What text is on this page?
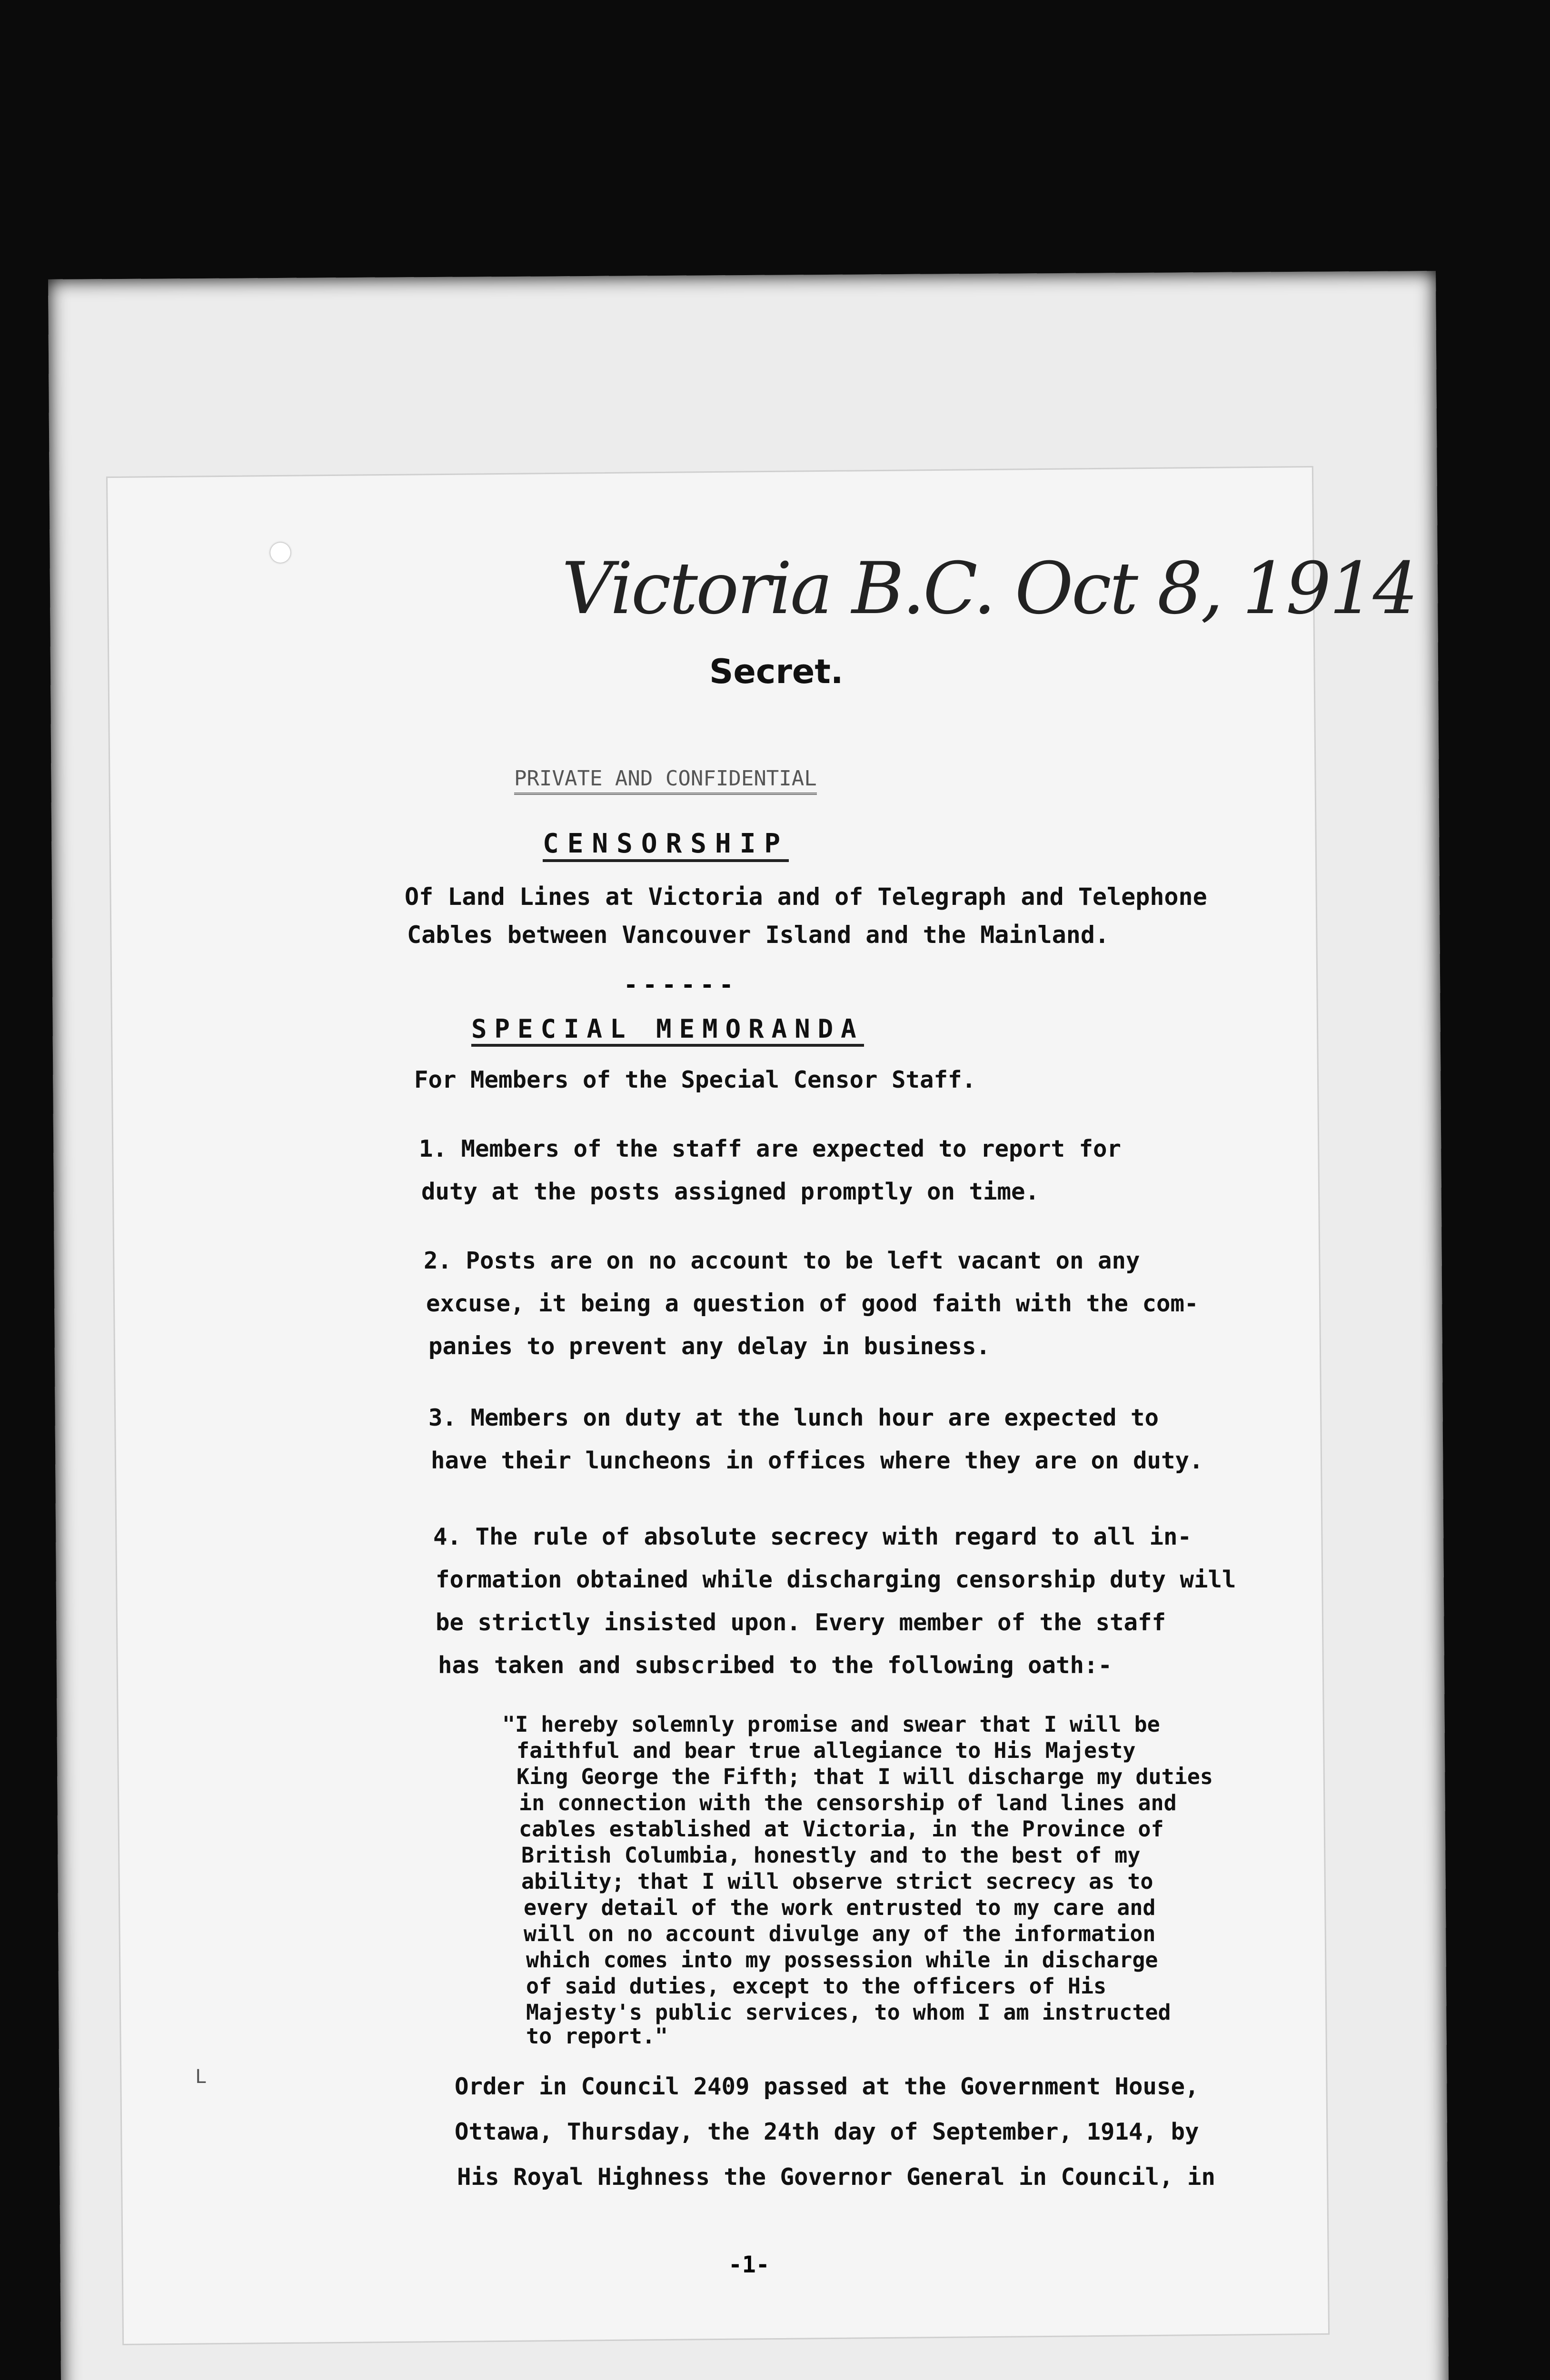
Victoria B.C. Oct 8, 1914
Secret.
PRIVATE AND CONFIDENTIAL
CENSORSHIP
Of Land Lines at Victoria and of Telegraph and Telephone
Cables between Vancouver Island and the Mainland.
------
SPECIAL MEMORANDA
For Members of the Special Censor Staff.
1. Members of the staff are expected to report for
duty at the posts assigned promptly on time.
2. Posts are on no account to be left vacant on any
excuse, it being a question of good faith with the com-
panies to prevent any delay in business.
3. Members on duty at the lunch hour are expected to
have their luncheons in offices where they are on duty.
4. The rule of absolute secrecy with regard to all in-
formation obtained while discharging censorship duty will
be strictly insisted upon. Every member of the staff
has taken and subscribed to the following oath:-
"I hereby solemnly promise and swear that I will be
faithful and bear true allegiance to His Majesty
King George the Fifth; that I will discharge my duties
in connection with the censorship of land lines and
cables established at Victoria, in the Province of
British Columbia, honestly and to the best of my
ability; that I will observe strict secrecy as to
every detail of the work entrusted to my care and
will on no account divulge any of the information
which comes into my possession while in discharge
of said duties, except to the officers of His
Majesty's public services, to whom I am instructed
to report."
L	Order in Council 2409 passed at the Government House,
Ottawa, Thursday, the 24th day of September, 1914, by
His Royal Highness the Governor General in Council, in
-1-
